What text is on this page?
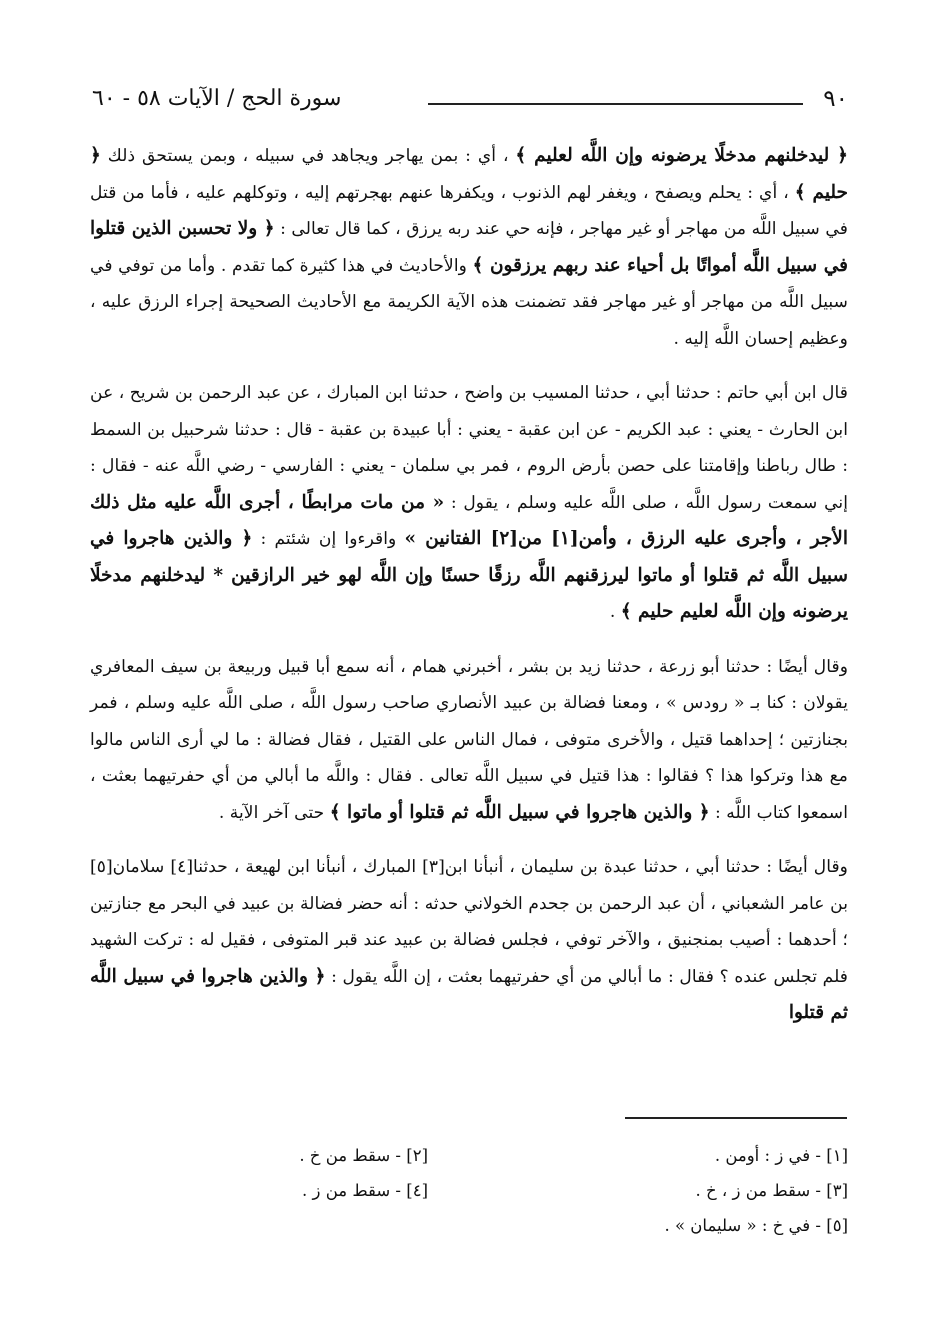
٩٠
سورة الحج / الآيات ٥٨ - ٦٠

﴿ ليدخلنهم مدخلًا يرضونه وإن اللَّه لعليم ﴾ ، أي : بمن يهاجر ويجاهد في سبيله ، وبمن يستحق ذلك ﴿ حليم ﴾ ، أي : يحلم ويصفح ، ويغفر لهم الذنوب ، ويكفرها عنهم بهجرتهم إليه ، وتوكلهم عليه ، فأما من قتل في سبيل اللَّه من مهاجر أو غير مهاجر ، فإنه حي عند ربه يرزق ، كما قال تعالى : ﴿ ولا تحسبن الذين قتلوا في سبيل اللَّه أمواتًا بل أحياء عند ربهم يرزقون ﴾ والأحاديث في هذا كثيرة كما تقدم . وأما من توفي في سبيل اللَّه من مهاجر أو غير مهاجر فقد تضمنت هذه الآية الكريمة مع الأحاديث الصحيحة إجراء الرزق عليه ، وعظيم إحسان اللَّه إليه .

قال ابن أبي حاتم : حدثنا أبي ، حدثنا المسيب بن واضح ، حدثنا ابن المبارك ، عن عبد الرحمن بن شريح ، عن ابن الحارث - يعني : عبد الكريم - عن ابن عقبة - يعني : أبا عبيدة بن عقبة - قال : حدثنا شرحبيل بن السمط : طال رباطنا وإقامتنا على حصن بأرض الروم ، فمر بي سلمان - يعني : الفارسي - رضي اللَّه عنه - فقال : إني سمعت رسول اللَّه ، صلى اللَّه عليه وسلم ، يقول : « من مات مرابطًا ، أجرى اللَّه عليه مثل ذلك الأجر ، وأجرى عليه الرزق ، وأمن[١] من[٢] الفتانين » واقرءوا إن شئتم : ﴿ والذين هاجروا في سبيل اللَّه ثم قتلوا أو ماتوا ليرزقنهم اللَّه رزقًا حسنًا وإن اللَّه لهو خير الرازقين * ليدخلنهم مدخلًا يرضونه وإن اللَّه لعليم حليم ﴾ .

وقال أيضًا : حدثنا أبو زرعة ، حدثنا زيد بن بشر ، أخبرني همام ، أنه سمع أبا قبيل وربيعة بن سيف المعافري يقولان : كنا بـ « رودس » ، ومعنا فضالة بن عبيد الأنصاري صاحب رسول اللَّه ، صلى اللَّه عليه وسلم ، فمر بجنازتين ؛ إحداهما قتيل ، والأخرى متوفى ، فمال الناس على القتيل ، فقال فضالة : ما لي أرى الناس مالوا مع هذا وتركوا هذا ؟ فقالوا : هذا قتيل في سبيل اللَّه تعالى . فقال : واللَّه ما أبالي من أي حفرتيهما بعثت ، اسمعوا كتاب اللَّه : ﴿ والذين هاجروا في سبيل اللَّه ثم قتلوا أو ماتوا ﴾ حتى آخر الآية .

وقال أيضًا : حدثنا أبي ، حدثنا عبدة بن سليمان ، أنبأنا ابن[٣] المبارك ، أنبأنا ابن لهيعة ، حدثنا[٤] سلامان[٥] بن عامر الشعباني ، أن عبد الرحمن بن جحدم الخولاني حدثه : أنه حضر فضالة بن عبيد في البحر مع جنازتين ؛ أحدهما : أصيب بمنجنيق ، والآخر توفي ، فجلس فضالة بن عبيد عند قبر المتوفى ، فقيل له : تركت الشهيد فلم تجلس عنده ؟ فقال : ما أبالي من أي حفرتيهما بعثت ، إن اللَّه يقول : ﴿ والذين هاجروا في سبيل اللَّه ثم قتلوا

[١] - في ز : أومن .
[٢] - سقط من خ .
[٣] - سقط من ز ، خ .
[٤] - سقط من ز .
[٥] - في خ : « سليمان » .
